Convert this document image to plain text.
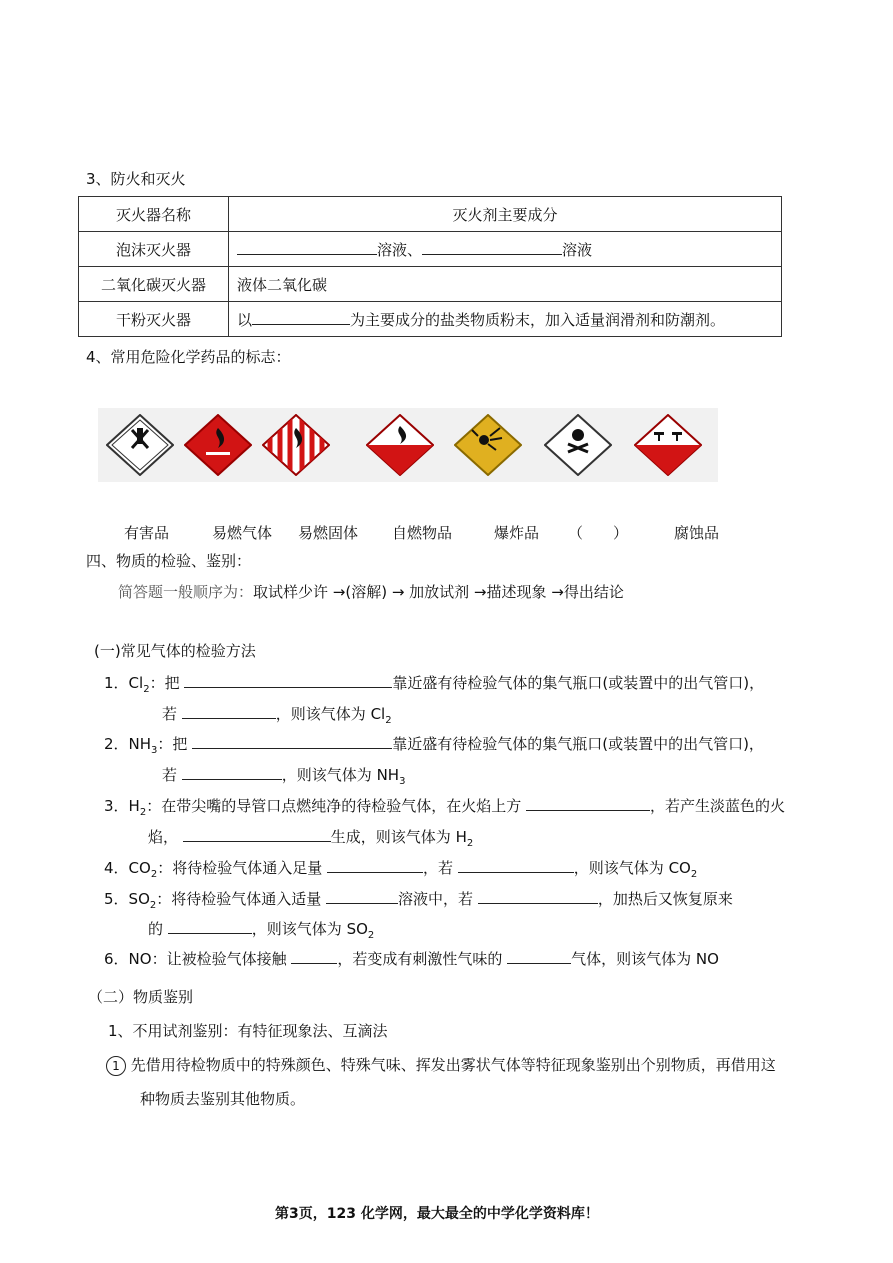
3、防火和灭火
灭火器名称	灭火剂主要成分
泡沫灭火器	溶液、 溶液
二氧化碳灭火器	液体二氧化碳
干粉灭火器	以 为主要成分的盐类物质粉末，加入适量润滑剂和防潮剂。
4、常用危险化学药品的标志：
有害品	易燃气体 易燃固体 自燃物品	爆炸品 （　　）	腐蚀品
四、物质的检验、鉴别：
简答题一般顺序为：取试样少许 →(溶解) → 加放试剂 →描述现象 →得出结论
(一)常见气体的检验方法
1．$Cl_2$：把	靠近盛有待检验气体的集气瓶口(或装置中的出气管口)，
若	，则该气体为 $Cl_2$
2．$NH_3$：把	靠近盛有待检验气体的集气瓶口(或装置中的出气管口)，
若	，则该气体为 $NH_3$
3．$H_2$：在带尖嘴的导管口点燃纯净的待检验气体，在火焰上方	，若产生淡蓝色的火
焰，	生成，则该气体为 $H_2$
4．$CO_2$：将待检验气体通入足量	，若	，则该气体为 $CO_2$
5．$SO_2$：将待检验气体通入适量	溶液中，若	，加热后又恢复原来
的	，则该气体为 $SO_2$
6．NO：让被检验气体接触	，若变成有刺激性气味的	气体，则该气体为 NO
（二）物质鉴别
1、不用试剂鉴别：有特征现象法、互滴法
1 先借用待检物质中的特殊颜色、特殊气味、挥发出雾状气体等特征现象鉴别出个别物质，再借用这
种物质去鉴别其他物质。
第3页，123 化学网，最大最全的中学化学资料库！
